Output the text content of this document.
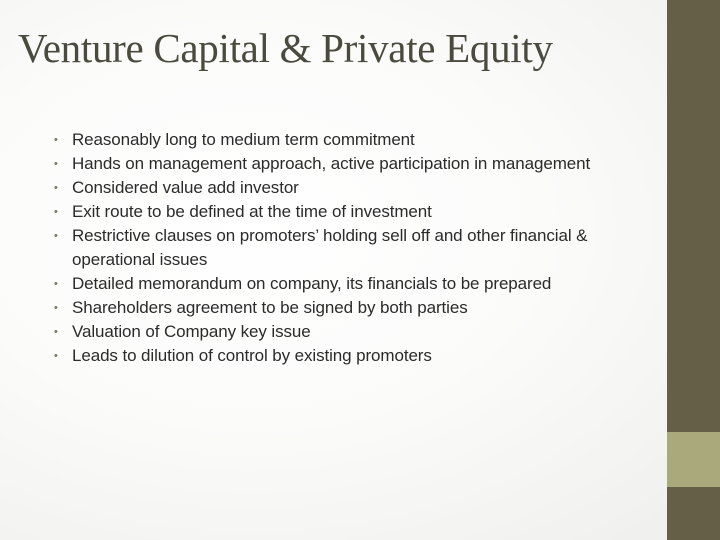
Venture Capital & Private Equity
• Reasonably long to medium term commitment
• Hands on management approach, active participation in management
• Considered value add investor
• Exit route to be defined at the time of investment
• Restrictive clauses on promoters’ holding sell off and other financial & operational issues
• Detailed memorandum on company, its financials to be prepared
• Shareholders agreement to be signed by both parties
• Valuation of Company key issue
• Leads to dilution of control by existing promoters
